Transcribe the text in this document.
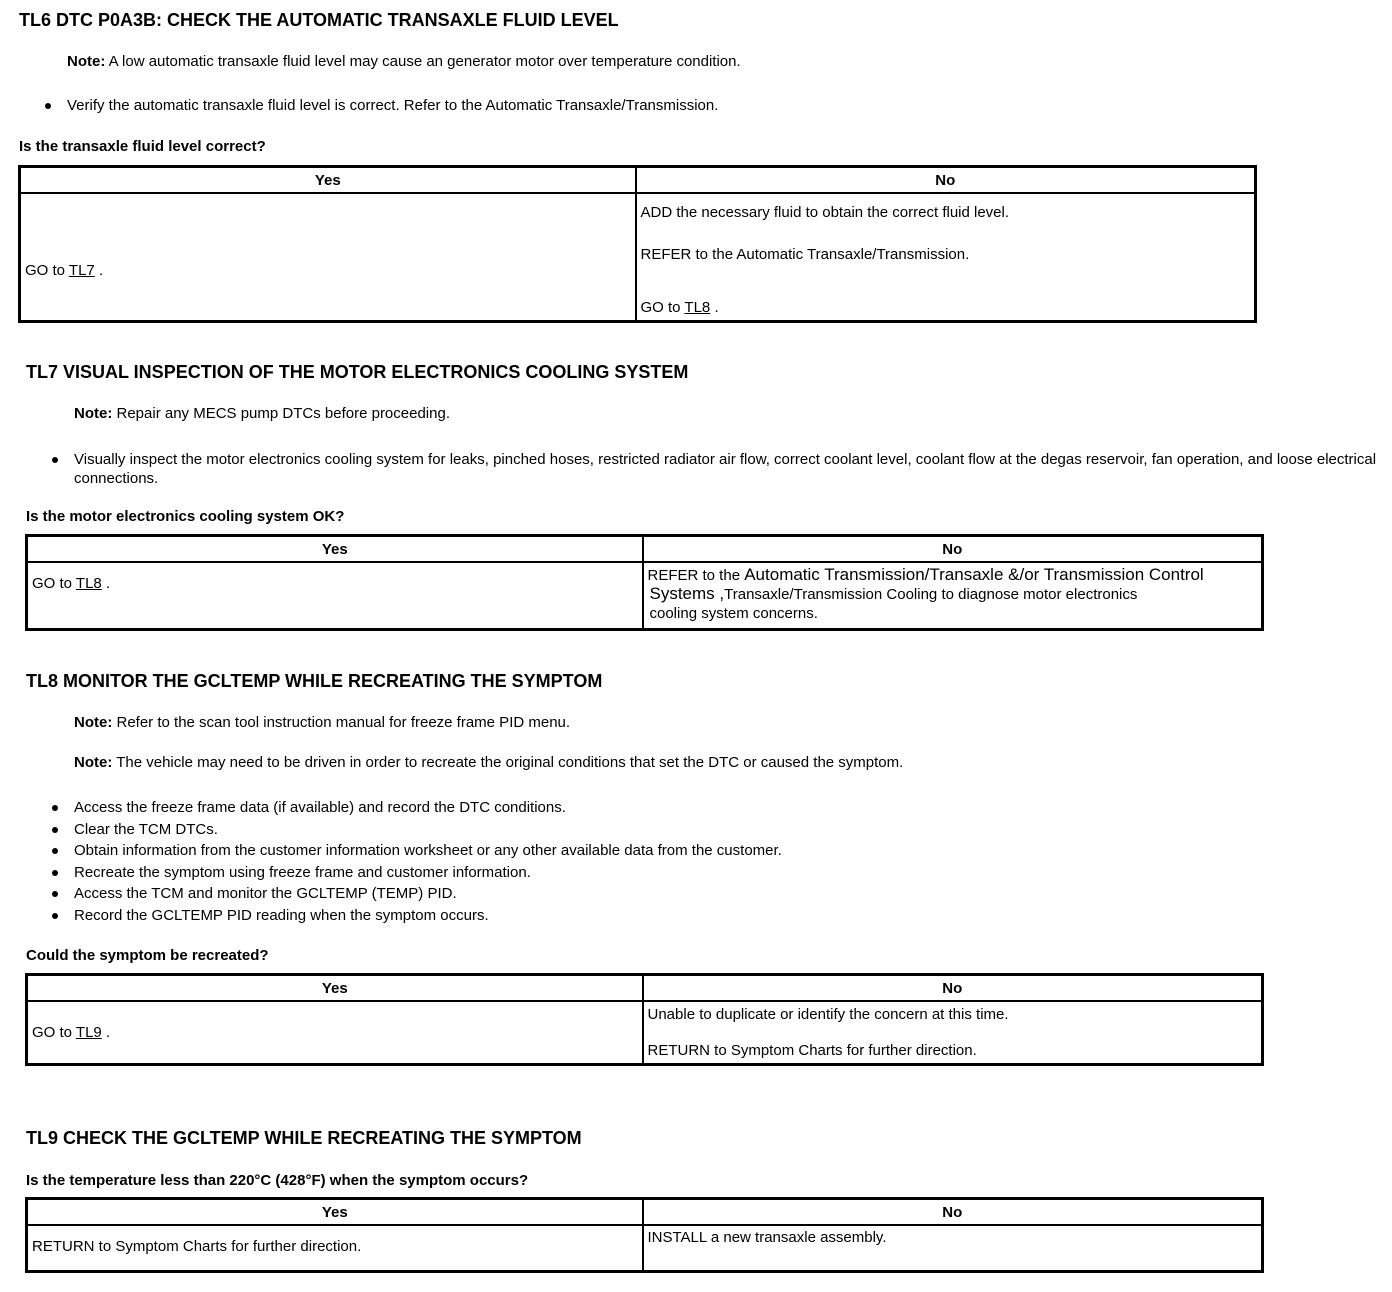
TL6 DTC P0A3B: CHECK THE AUTOMATIC TRANSAXLE FLUID LEVEL
Note: A low automatic transaxle fluid level may cause an generator motor over temperature condition.
Verify the automatic transaxle fluid level is correct. Refer to the Automatic Transaxle/Transmission.
Is the transaxle fluid level correct?
Yes	No

GO to TL7 .	ADD the necessary fluid to obtain the correct fluid level.
REFER to the Automatic Transaxle/Transmission.
GO to TL8 .
TL7 VISUAL INSPECTION OF THE MOTOR ELECTRONICS COOLING SYSTEM
Note: Repair any MECS pump DTCs before proceeding.
Visually inspect the motor electronics cooling system for leaks, pinched hoses, restricted radiator air flow, correct coolant level, coolant flow at the degas reservoir, fan operation, and loose electrical connections.
Is the motor electronics cooling system OK?
Yes	No

GO to TL8 .	REFER to the Automatic Transmission/Transaxle &/or Transmission Control
Systems ,Transaxle/Transmission Cooling to diagnose motor electronics
cooling system concerns.
TL8 MONITOR THE GCLTEMP WHILE RECREATING THE SYMPTOM
Note: Refer to the scan tool instruction manual for freeze frame PID menu.
Note: The vehicle may need to be driven in order to recreate the original conditions that set the DTC or caused the symptom.
Access the freeze frame data (if available) and record the DTC conditions.
Clear the TCM DTCs.
Obtain information from the customer information worksheet or any other available data from the customer.
Recreate the symptom using freeze frame and customer information.
Access the TCM and monitor the GCLTEMP (TEMP) PID.
Record the GCLTEMP PID reading when the symptom occurs.
Could the symptom be recreated?
Yes	No

GO to TL9 .	Unable to duplicate or identify the concern at this time.
RETURN to Symptom Charts for further direction.
TL9 CHECK THE GCLTEMP WHILE RECREATING THE SYMPTOM
Is the temperature less than 220°C (428°F) when the symptom occurs?
Yes	No

RETURN to Symptom Charts for further direction.	INSTALL a new transaxle assembly.
